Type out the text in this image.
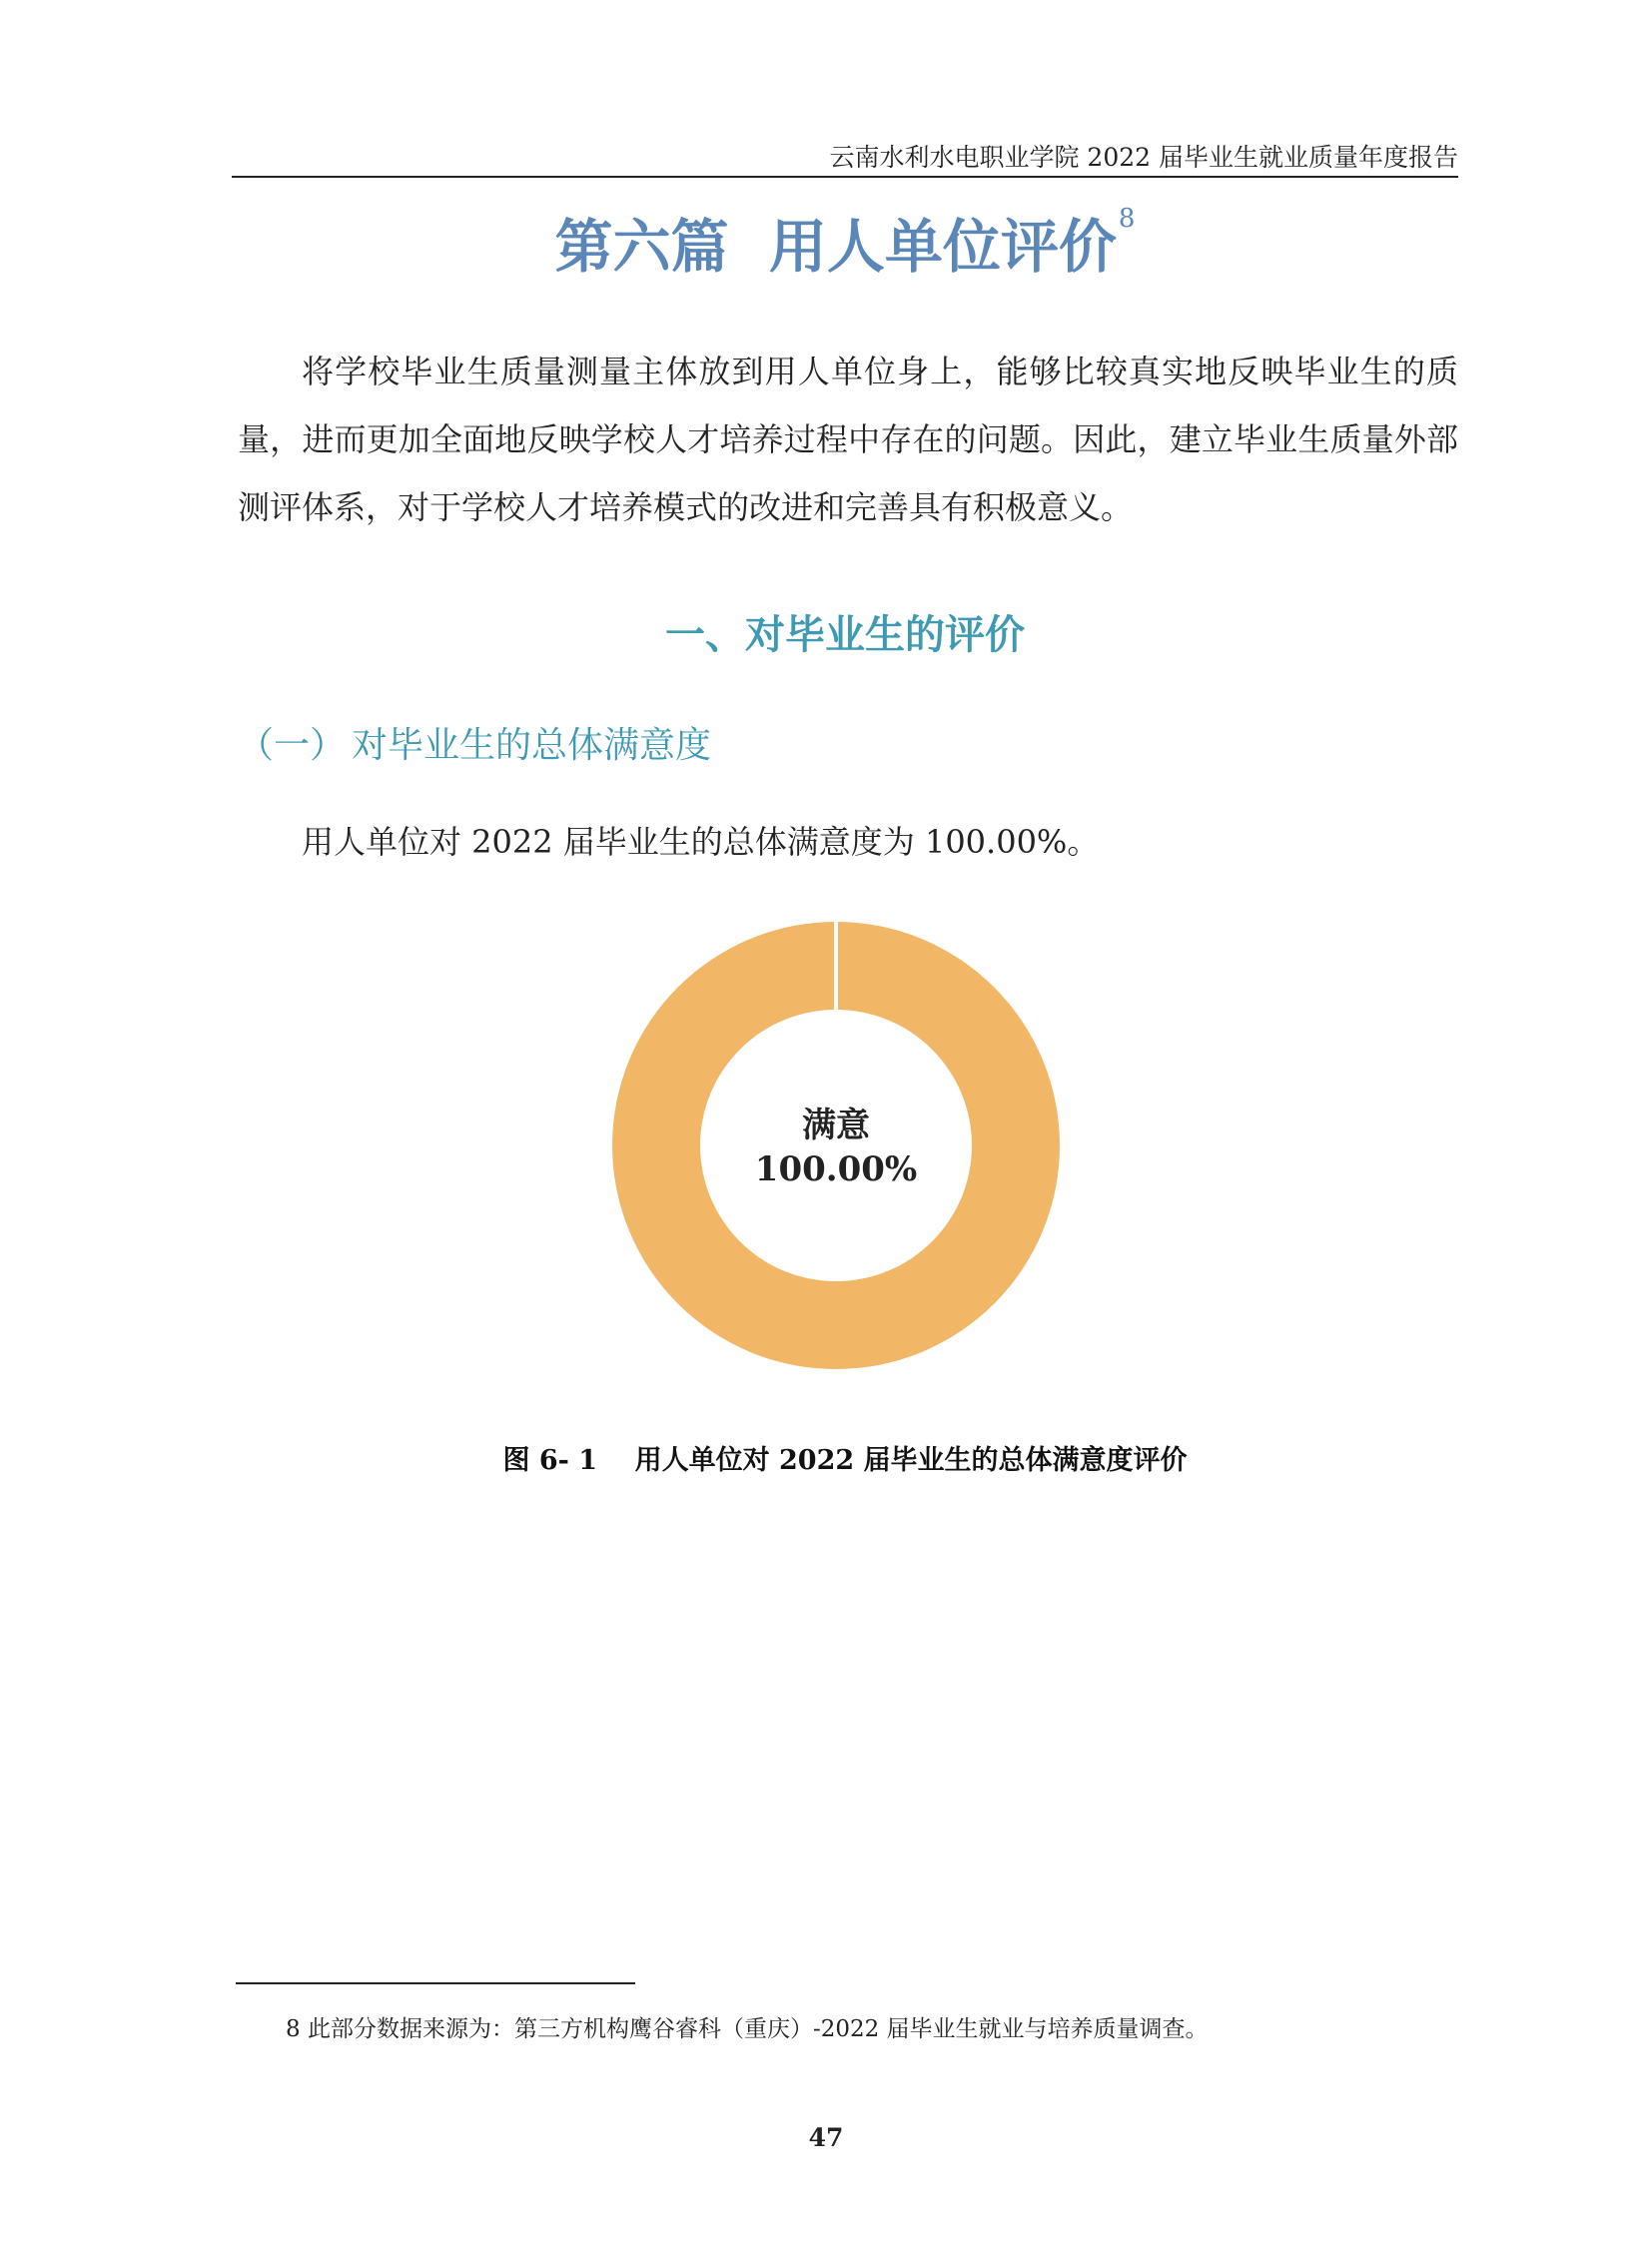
云南水利水电职业学院 2022 届毕业生就业质量年度报告
第六篇  用人单位评价$^8$

将学校毕业生质量测量主体放到用人单位身上，能够比较真实地反映毕业生的质量，进而更加全面地反映学校人才培养过程中存在的问题。因此，建立毕业生质量外部测评体系，对于学校人才培养模式的改进和完善具有积极意义。

一、对毕业生的评价
（一） 对毕业生的总体满意度

用人单位对 2022 届毕业生的总体满意度为 100.00%。

满意
100.00%
图 6- 1    用人单位对 2022 届毕业生的总体满意度评价
8 此部分数据来源为：第三方机构鹰谷睿科（重庆）-2022 届毕业生就业与培养质量调查。
47
